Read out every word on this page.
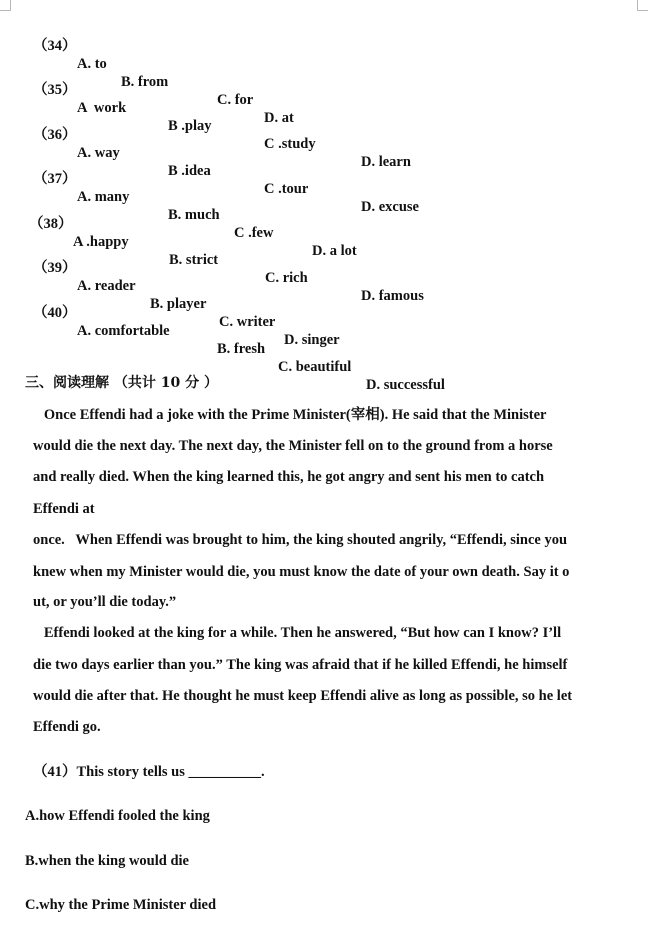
（34）

A. to

B. from

C. for

D. at

（35）

A  work

B .play

C .study

D. learn

（36）

A. way

B .idea

C .tour

D. excuse

（37）

A. many

B. much

C .few

D. a lot

（38）

A .happy

B. strict

C. rich

D. famous

（39）

A. reader

B. player

C. writer

D. singer

（40）

A. comfortable

B. fresh

C. beautiful

D. successful

三、阅读理解 （共计 10 分 ）
Once Effendi had a joke with the Prime Minister(宰相). He said that the Minister
would die the next day. The next day, the Minister fell on to the ground from a horse
and really died. When the king learned this, he got angry and sent his men to catch
Effendi at
once.   When Effendi was brought to him, the king shouted angrily, “Effendi, since you
knew when my Minister would die, you must know the date of your own death. Say it o
ut, or you’ll die today.”
Effendi looked at the king for a while. Then he answered, “But how can I know? I’ll
die two days earlier than you.” The king was afraid that if he killed Effendi, he himself
would die after that. He thought he must keep Effendi alive as long as possible, so he let
Effendi go.
（41）This story tells us __________.
A.how Effendi fooled the king
B.when the king would die
C.why the Prime Minister died
